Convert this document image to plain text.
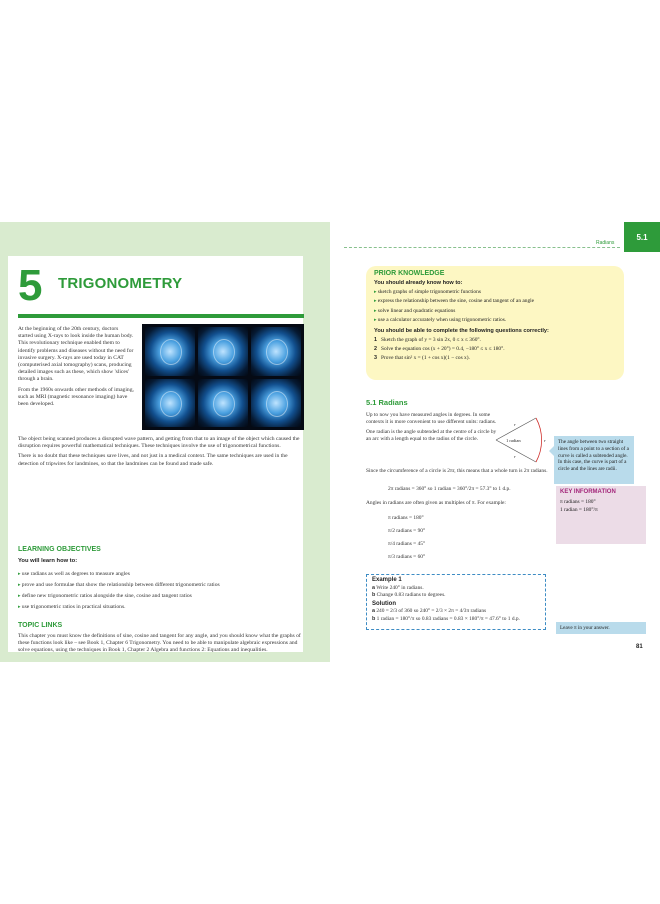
5 TRIGONOMETRY

At the beginning of the 20th century, doctors started using X-rays to look inside the human body. This revolutionary technique enabled them to identify problems and diseases without the need for invasive surgery. X-rays are used today in CAT (computerised axial tomography) scans, producing detailed images such as these, which show 'slices' through a brain.

From the 1960s onwards other methods of imaging, such as MRI (magnetic resonance imaging) have been developed.

The object being scanned produces a disrupted wave pattern, and getting from that to an image of the object which caused the disruption requires powerful mathematical techniques. These techniques involve the use of trigonometrical functions.

There is no doubt that these techniques save lives, and not just in a medical context. The same techniques are used in the detection of tripwires for landmines, so that the landmines can be found and made safe.

LEARNING OBJECTIVES
You will learn how to:
▸ use radians as well as degrees to measure angles
▸ prove and use formulae that show the relationship between different trigonometric ratios
▸ define new trigonometric ratios alongside the sine, cosine and tangent ratios
▸ use trigonometric ratios in practical situations.
TOPIC LINKS
This chapter you must know the definitions of sine, cosine and tangent for any angle, and you should know what the graphs of these functions look like – see Book 1, Chapter 6 Trigonometry. You need to be able to manipulate algebraic expressions and solve equations, using the techniques in Book 1, Chapter 2 Algebra and functions 2: Equations and inequalities.
Radians
5.1
PRIOR KNOWLEDGE
You should already know how to:
▸ sketch graphs of simple trigonometric functions
▸ express the relationship between the sine, cosine and tangent of an angle
▸ solve linear and quadratic equations
▸ use a calculator accurately when using trigonometric ratios.
You should be able to complete the following questions correctly:
1 Sketch the graph of y = 3 sin 2x, 0 ≤ x ≤ 360°.
2 Solve the equation cos (x + 20°) = 0.4, −180° ≤ x ≤ 180°.
3 Prove that sin² x = (1 + cos x)(1 − cos x).
5.1 Radians

Up to now you have measured angles in degrees. In some contexts it is more convenient to use different units: radians.

One radian is the angle subtended at the centre of a circle by an arc with a length equal to the radius of the circle.	1 radian
r
r
r	The angle between two straight lines from a point to a section of a curve is called a subtended angle. In this case, the curve is part of a circle and the lines are radii.

Since the circumference of a circle is 2πr, this means that a whole turn is 2π radians.

2π radians = 360° so 1 radian = 360°/2π = 57.3° to 1 d.p.
Angles in radians are often given as multiples of π. For example:
π radians = 180°
π/2 radians = 90°
π/4 radians = 45°
π/3 radians = 60°
KEY INFORMATION
π radians = 180°
1 radian = 180°/π
Example 1
a Write 240° in radians.
b Change 0.83 radians to degrees.
Solution
a 240 = 2/3 of 360 so 240° = 2/3 × 2π = 4/3π radians
b 1 radian = 180°/π so 0.83 radians = 0.83 × 180°/π = 47.6° to 1 d.p.
Leave π in your answer.
81
